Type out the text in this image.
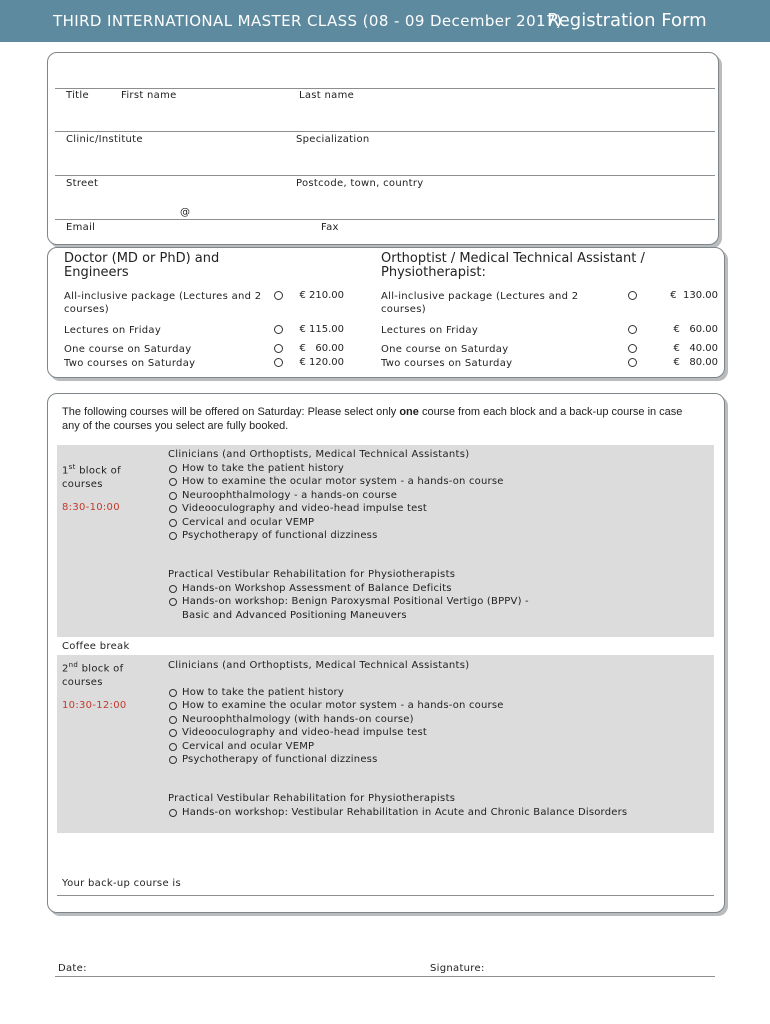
THIRD INTERNATIONAL MASTER CLASS (08 - 09 December 2017)
Registration Form
Title	First name	Last name
Clinic/Institute	Specialization
Street	Postcode, town, country
@
Email	Fax
Doctor (MD or PhD) and Engineers
All-inclusive package (Lectures and 2 courses)
€ 210.00
Lectures on Friday	€ 115.00
One course on Saturday	€   60.00
Two courses on Saturday	€ 120.00
Orthoptist / Medical Technical Assistant / Physiotherapist:
All-inclusive package (Lectures and 2 courses)
€  130.00
Lectures on Friday	€   60.00
One course on Saturday	€   40.00
Two courses on Saturday	€   80.00
The following courses will be offered on Saturday: Please select only one course from each block and a back-up course in case any of the courses you select are fully booked.
1st block of
courses
8:30-10:00
Clinicians (and Orthoptists, Medical Technical Assistants)
How to take the patient history
How to examine the ocular motor system - a hands-on course
Neuroophthalmology - a hands-on course
Videooculography and video-head impulse test
Cervical and ocular VEMP
Psychotherapy of functional dizziness
Practical Vestibular Rehabilitation for Physiotherapists
Hands-on Workshop Assessment of Balance Deficits
Hands-on workshop: Benign Paroxysmal Positional Vertigo (BPPV) -
Basic and Advanced Positioning Maneuvers
Coffee break
2nd block of
courses
10:30-12:00
Clinicians (and Orthoptists, Medical Technical Assistants)
How to take the patient history
How to examine the ocular motor system - a hands-on course
Neuroophthalmology (with hands-on course)
Videooculography and video-head impulse test
Cervical and ocular VEMP
Psychotherapy of functional dizziness
Practical Vestibular Rehabilitation for Physiotherapists
Hands-on workshop: Vestibular Rehabilitation in Acute and Chronic Balance Disorders
Your back-up course is
Date:	Signature:
